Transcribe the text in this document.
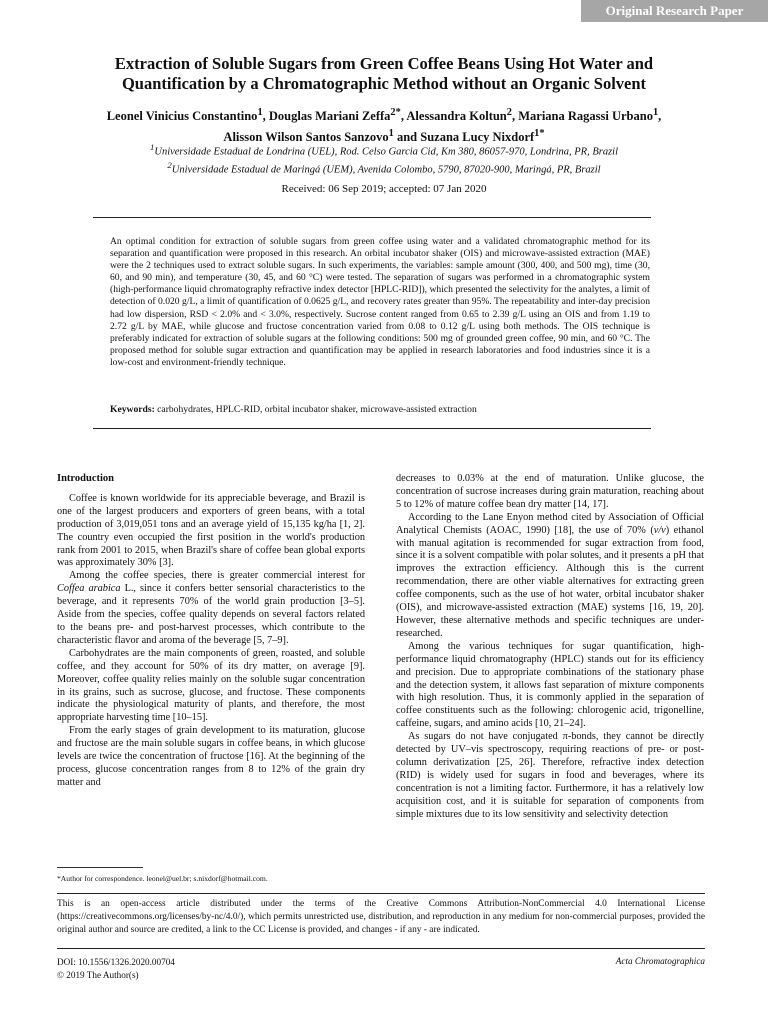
Original Research Paper
Extraction of Soluble Sugars from Green Coffee Beans Using Hot Water and
Quantification by a Chromatographic Method without an Organic Solvent
Leonel Vinicius Constantino$^1$, Douglas Mariani Zeffa$^{2*}$, Alessandra Koltun$^2$, Mariana Ragassi Urbano$^1$,
Alisson Wilson Santos Sanzovo$^1$ and Suzana Lucy Nixdorf$^{1*}$
$^1$Universidade Estadual de Londrina (UEL), Rod. Celso Garcia Cid, Km 380, 86057-970, Londrina, PR, Brazil
$^2$Universidade Estadual de Maringá (UEM), Avenida Colombo, 5790, 87020-900, Maringá, PR, Brazil
Received: 06 Sep 2019; accepted: 07 Jan 2020

An optimal condition for extraction of soluble sugars from green coffee using water and a validated chromatographic method for its separation and quantification were proposed in this research. An orbital incubator shaker (OIS) and microwave-assisted extraction (MAE) were the 2 techniques used to extract soluble sugars. In such experiments, the variables: sample amount (300, 400, and 500 mg), time (30, 60, and 90 min), and temperature (30, 45, and 60 °C) were tested. The separation of sugars was performed in a chromatographic system (high-performance liquid chromatography refractive index detector [HPLC-RID]), which presented the selectivity for the analytes, a limit of detection of 0.020 g/L, a limit of quantification of 0.0625 g/L, and recovery rates greater than 95%. The repeatability and inter-day precision had low dispersion, RSD < 2.0% and < 3.0%, respectively. Sucrose content ranged from 0.65 to 2.39 g/L using an OIS and from 1.19 to 2.72 g/L by MAE, while glucose and fructose concentration varied from 0.08 to 0.12 g/L using both methods. The OIS technique is preferably indicated for extraction of soluble sugars at the following conditions: 500 mg of grounded green coffee, 90 min, and 60 °C. The proposed method for soluble sugar extraction and quantification may be applied in research laboratories and food industries since it is a low-cost and environment-friendly technique.

Keywords: carbohydrates, HPLC-RID, orbital incubator shaker, microwave-assisted extraction
Introduction

Coffee is known worldwide for its appreciable beverage, and Brazil is one of the largest producers and exporters of green beans, with a total production of 3,019,051 tons and an average yield of 15,135 kg/ha [1, 2]. The country even occupied the first position in the world's production rank from 2001 to 2015, when Brazil's share of coffee bean global exports was approximately 30% [3].

Among the coffee species, there is greater commercial interest for Coffea arabica L., since it confers better sensorial characteristics to the beverage, and it represents 70% of the world grain production [3–5]. Aside from the species, coffee quality depends on several factors related to the beans pre- and post-harvest processes, which contribute to the characteristic flavor and aroma of the beverage [5, 7–9].

Carbohydrates are the main components of green, roasted, and soluble coffee, and they account for 50% of its dry matter, on average [9]. Moreover, coffee quality relies mainly on the soluble sugar concentration in its grains, such as sucrose, glucose, and fructose. These components indicate the physiological maturity of plants, and therefore, the most appropriate harvesting time [10–15].

From the early stages of grain development to its maturation, glucose and fructose are the main soluble sugars in coffee beans, in which glucose levels are twice the concentration of fructose [16]. At the beginning of the process, glucose concentration ranges from 8 to 12% of the grain dry matter and

decreases to 0.03% at the end of maturation. Unlike glucose, the concentration of sucrose increases during grain maturation, reaching about 5 to 12% of mature coffee bean dry matter [14, 17].

According to the Lane Enyon method cited by Association of Official Analytical Chemists (AOAC, 1990) [18], the use of 70% (v/v) ethanol with manual agitation is recommended for sugar extraction from food, since it is a solvent compatible with polar solutes, and it presents a pH that improves the extraction efficiency. Although this is the current recommendation, there are other viable alternatives for extracting green coffee components, such as the use of hot water, orbital incubator shaker (OIS), and microwave-assisted extraction (MAE) systems [16, 19, 20]. However, these alternative methods and specific techniques are under-researched.

Among the various techniques for sugar quantification, high-performance liquid chromatography (HPLC) stands out for its efficiency and precision. Due to appropriate combinations of the stationary phase and the detection system, it allows fast separation of mixture components with high resolution. Thus, it is commonly applied in the separation of coffee constituents such as the following: chlorogenic acid, trigonelline, caffeine, sugars, and amino acids [10, 21–24].

As sugars do not have conjugated π-bonds, they cannot be directly detected by UV–vis spectroscopy, requiring reactions of pre- or post-column derivatization [25, 26]. Therefore, refractive index detection (RID) is widely used for sugars in food and beverages, where its concentration is not a limiting factor. Furthermore, it has a relatively low acquisition cost, and it is suitable for separation of components from simple mixtures due to its low sensitivity and selectivity detection

*Author for correspondence. leonel@uel.br; s.nixdorf@hotmail.com.
This is an open-access article distributed under the terms of the Creative Commons Attribution-NonCommercial 4.0 International License (https://creativecommons.org/licenses/by-nc/4.0/), which permits unrestricted use, distribution, and reproduction in any medium for non-commercial purposes, provided the original author and source are credited, a link to the CC License is provided, and changes - if any - are indicated.
DOI: 10.1556/1326.2020.00704
© 2019 The Author(s)
Acta Chromatographica
